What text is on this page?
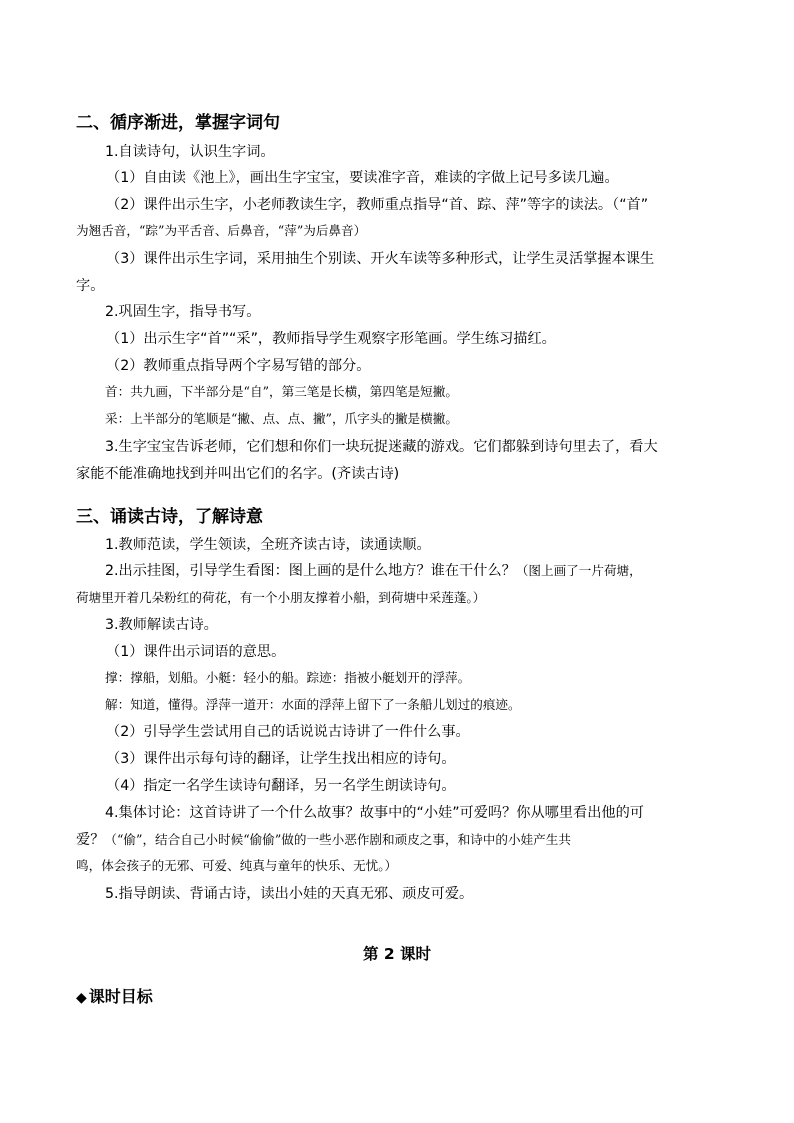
二、循序渐进，掌握字词句
1.自读诗句，认识生字词。
（1）自由读《池上》，画出生字宝宝，要读准字音，难读的字做上记号多读几遍。
（2）课件出示生字，小老师教读生字，教师重点指导“首、踪、萍”等字的读法。（“首”
为翘舌音，“踪”为平舌音、后鼻音，“萍”为后鼻音）
（3）课件出示生字词，采用抽生个别读、开火车读等多种形式，让学生灵活掌握本课生
字。
2.巩固生字，指导书写。
（1）出示生字“首”“采”，教师指导学生观察字形笔画。学生练习描红。
（2）教师重点指导两个字易写错的部分。
首：共九画，下半部分是“自”，第三笔是长横，第四笔是短撇。
采：上半部分的笔顺是“撇、点、点、撇”，爪字头的撇是横撇。
3.生字宝宝告诉老师，它们想和你们一块玩捉迷藏的游戏。它们都躲到诗句里去了，看大
家能不能准确地找到并叫出它们的名字。(齐读古诗)
三、诵读古诗，了解诗意
1.教师范读，学生领读，全班齐读古诗，读通读顺。
2.出示挂图，引导学生看图：图上画的是什么地方？谁在干什么？（图上画了一片荷塘，
荷塘里开着几朵粉红的荷花，有一个小朋友撑着小船，到荷塘中采莲蓬。）
3.教师解读古诗。
（1）课件出示词语的意思。
撑：撑船，划船。小艇：轻小的船。踪迹：指被小艇划开的浮萍。
解：知道，懂得。浮萍一道开：水面的浮萍上留下了一条船儿划过的痕迹。
（2）引导学生尝试用自己的话说说古诗讲了一件什么事。
（3）课件出示每句诗的翻译，让学生找出相应的诗句。
（4）指定一名学生读诗句翻译，另一名学生朗读诗句。
4.集体讨论：这首诗讲了一个什么故事？故事中的“小娃”可爱吗？你从哪里看出他的可
爱？（“偷”，结合自己小时候“偷偷”做的一些小恶作剧和顽皮之事，和诗中的小娃产生共
鸣，体会孩子的无邪、可爱、纯真与童年的快乐、无忧。）
5.指导朗读、背诵古诗，读出小娃的天真无邪、顽皮可爱。
第 2 课时
◆ 课时目标
